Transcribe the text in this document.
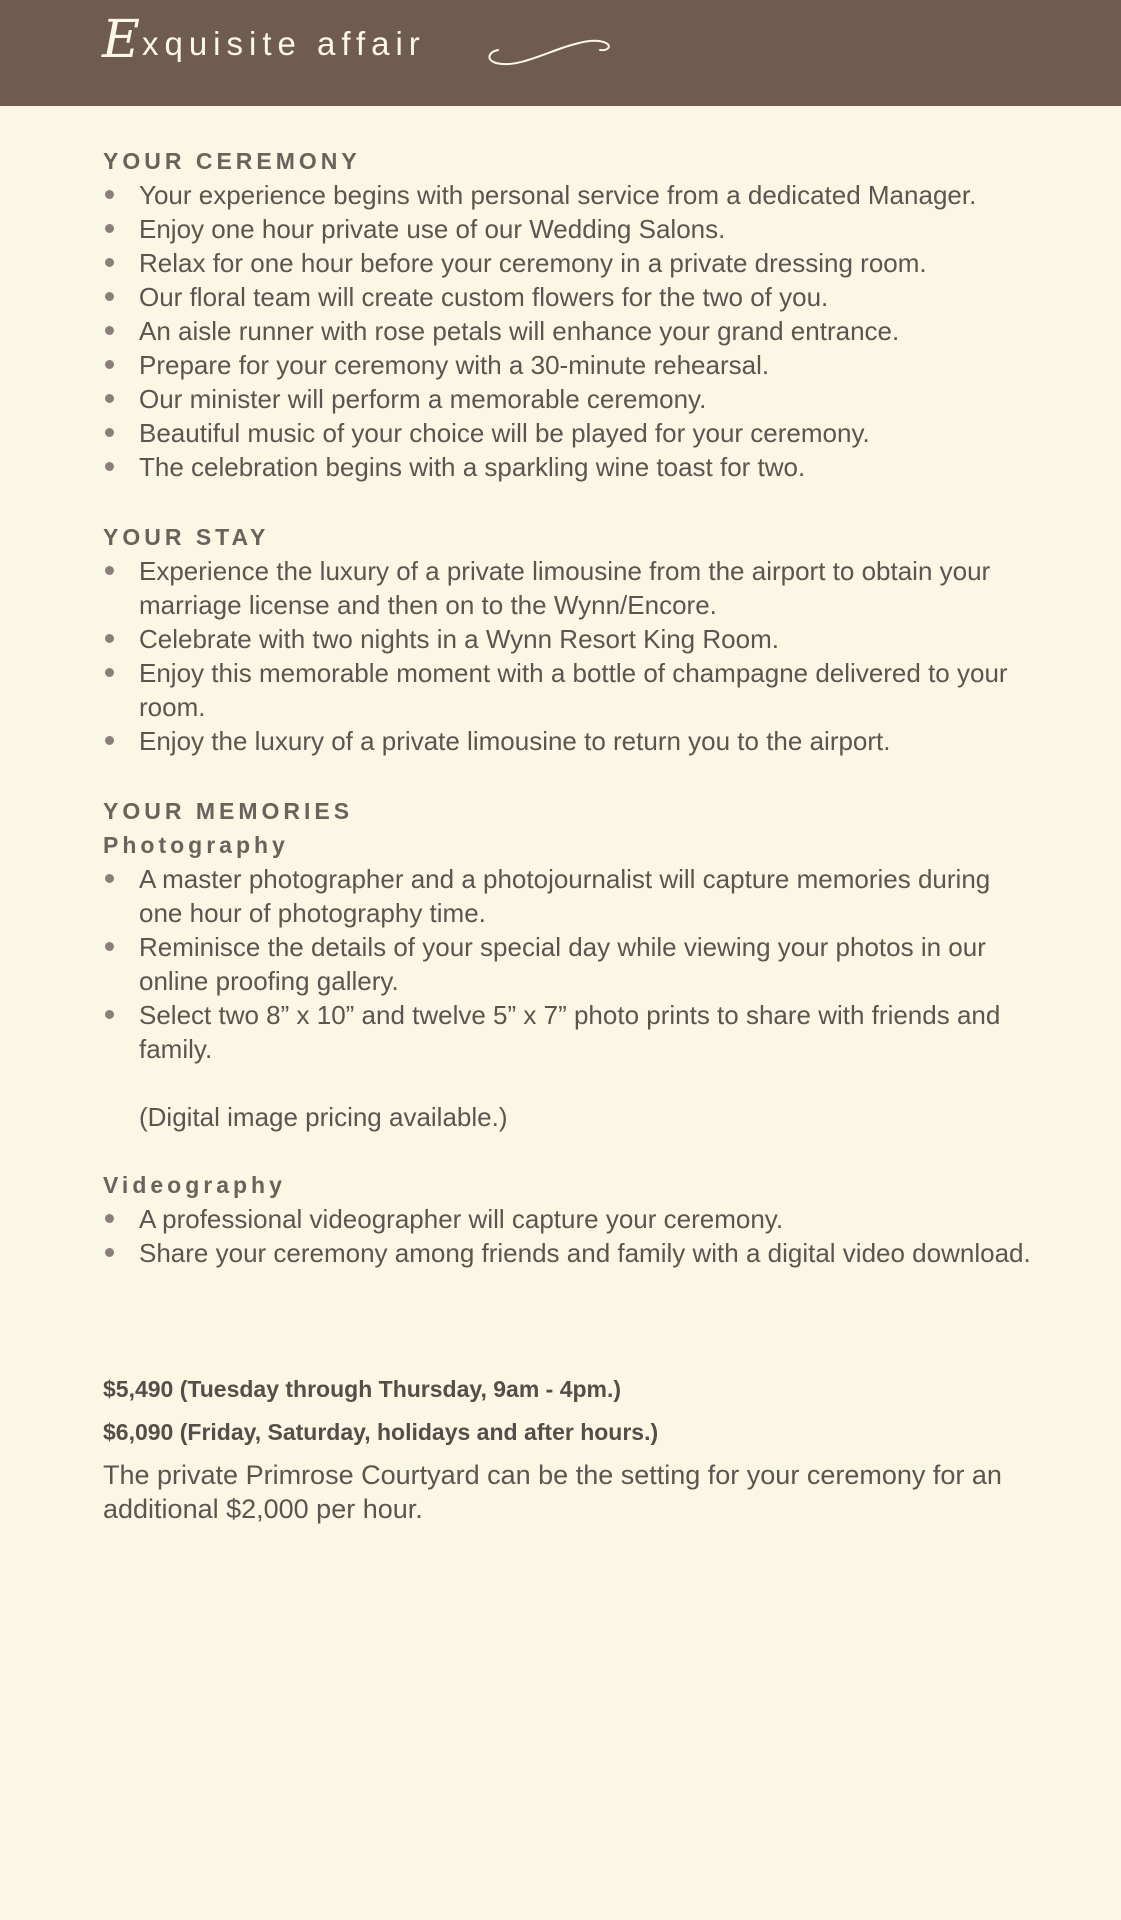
Exquisite affair
YOUR CEREMONY
Your experience begins with personal service from a dedicated Manager.
Enjoy one hour private use of our Wedding Salons.
Relax for one hour before your ceremony in a private dressing room.
Our floral team will create custom flowers for the two of you.
An aisle runner with rose petals will enhance your grand entrance.
Prepare for your ceremony with a 30-minute rehearsal.
Our minister will perform a memorable ceremony.
Beautiful music of your choice will be played for your ceremony.
The celebration begins with a sparkling wine toast for two.
YOUR STAY
Experience the luxury of a private limousine from the airport to obtain your marriage license and then on to the Wynn/Encore.
Celebrate with two nights in a Wynn Resort King Room.
Enjoy this memorable moment with a bottle of champagne delivered to your room.
Enjoy the luxury of a private limousine to return you to the airport.
YOUR MEMORIES
Photography
A master photographer and a photojournalist will capture memories during one hour of photography time.
Reminisce the details of your special day while viewing your photos in our online proofing gallery.
Select two 8” x 10” and twelve 5” x 7” photo prints to share with friends and family.
(Digital image pricing available.)
Videography
A professional videographer will capture your ceremony.
Share your ceremony among friends and family with a digital video download.

$5,490 (Tuesday through Thursday, 9am - 4pm.)

$6,090 (Friday, Saturday, holidays and after hours.)

The private Primrose Courtyard can be the setting for your ceremony for an additional $2,000 per hour.
